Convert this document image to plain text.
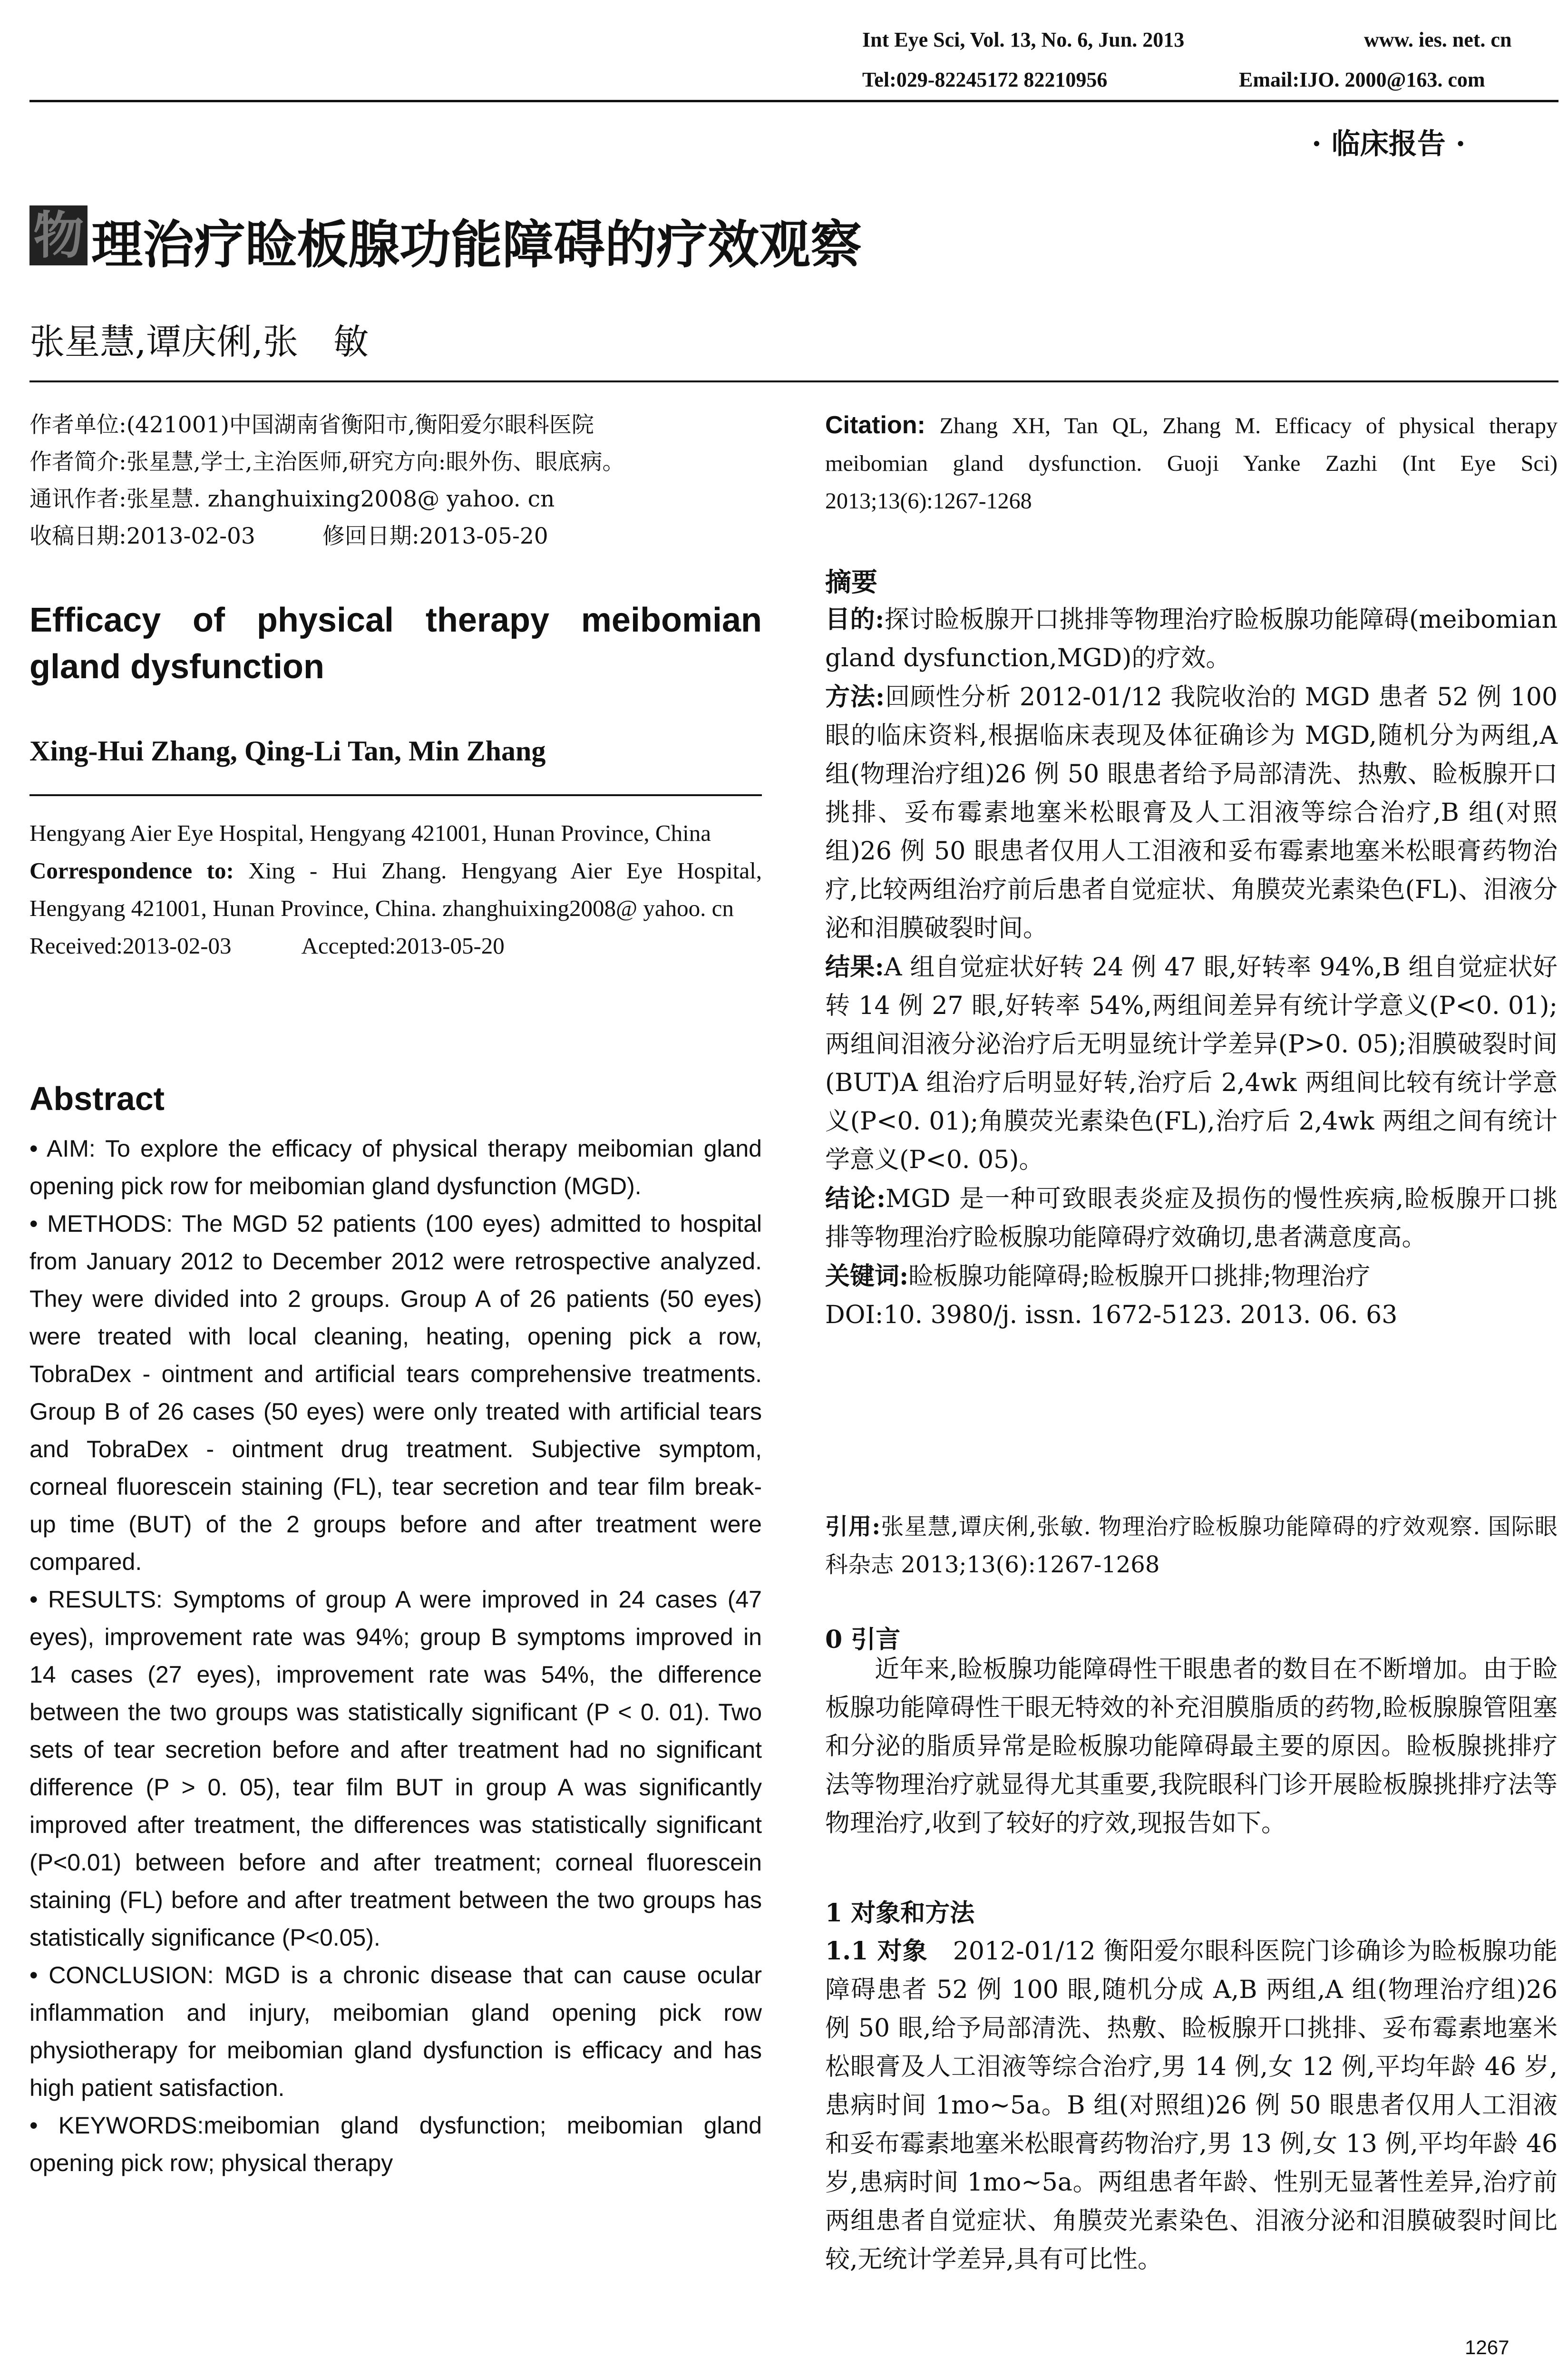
Int Eye Sci, Vol. 13, No. 6, Jun. 2013	www. ies. net. cn
Tel:029-82245172 82210956	Email:IJO. 2000@163. com
· 临床报告 ·
物 理治疗睑板腺功能障碍的疗效观察
张星慧,谭庆俐,张　敏

作者单位:(421001)中国湖南省衡阳市,衡阳爱尔眼科医院

作者简介:张星慧,学士,主治医师,研究方向:眼外伤、眼底病。

通讯作者:张星慧. zhanghuixing2008@ yahoo. cn

收稿日期:2013-02-03　　　修回日期:2013-05-20

Efficacy of physical therapy meibomian gland dysfunction
Xing-Hui Zhang, Qing-Li Tan, Min Zhang

Hengyang Aier Eye Hospital, Hengyang 421001, Hunan Province, China

Correspondence to: Xing - Hui Zhang. Hengyang Aier Eye Hospital, Hengyang 421001, Hunan Province, China. zhanghuixing2008@ yahoo. cn

Received:2013-02-03　　　Accepted:2013-05-20

Abstract

• AIM: To explore the efficacy of physical therapy meibomian gland opening pick row for meibomian gland dysfunction (MGD).

• METHODS: The MGD 52 patients (100 eyes) admitted to hospital from January 2012 to December 2012 were retrospective analyzed. They were divided into 2 groups. Group A of 26 patients (50 eyes) were treated with local cleaning, heating, opening pick a row, TobraDex - ointment and artificial tears comprehensive treatments. Group B of 26 cases (50 eyes) were only treated with artificial tears and TobraDex - ointment drug treatment. Subjective symptom, corneal fluorescein staining (FL), tear secretion and tear film break-up time (BUT) of the 2 groups before and after treatment were compared.

• RESULTS: Symptoms of group A were improved in 24 cases (47 eyes), improvement rate was 94%; group B symptoms improved in 14 cases (27 eyes), improvement rate was 54%, the difference between the two groups was statistically significant (P < 0. 01). Two sets of tear secretion before and after treatment had no significant difference (P > 0. 05), tear film BUT in group A was significantly improved after treatment, the differences was statistically significant (P<0.01) between before and after treatment; corneal fluorescein staining (FL) before and after treatment between the two groups has statistically significance (P<0.05).

• CONCLUSION: MGD is a chronic disease that can cause ocular inflammation and injury, meibomian gland opening pick row physiotherapy for meibomian gland dysfunction is efficacy and has high patient satisfaction.

• KEYWORDS:meibomian gland dysfunction; meibomian gland opening pick row; physical therapy

Citation: Zhang XH, Tan QL, Zhang M. Efficacy of physical therapy meibomian gland dysfunction. Guoji Yanke Zazhi (Int Eye Sci) 2013;13(6):1267-1268
摘要

目的:探讨睑板腺开口挑排等物理治疗睑板腺功能障碍(meibomian gland dysfunction,MGD)的疗效。

方法:回顾性分析 2012-01/12 我院收治的 MGD 患者 52 例 100 眼的临床资料,根据临床表现及体征确诊为 MGD,随机分为两组,A 组(物理治疗组)26 例 50 眼患者给予局部清洗、热敷、睑板腺开口挑排、妥布霉素地塞米松眼膏及人工泪液等综合治疗,B 组(对照组)26 例 50 眼患者仅用人工泪液和妥布霉素地塞米松眼膏药物治疗,比较两组治疗前后患者自觉症状、角膜荧光素染色(FL)、泪液分泌和泪膜破裂时间。

结果:A 组自觉症状好转 24 例 47 眼,好转率 94%,B 组自觉症状好转 14 例 27 眼,好转率 54%,两组间差异有统计学意义(P<0. 01);两组间泪液分泌治疗后无明显统计学差异(P>0. 05);泪膜破裂时间(BUT)A 组治疗后明显好转,治疗后 2,4wk 两组间比较有统计学意义(P<0. 01);角膜荧光素染色(FL),治疗后 2,4wk 两组之间有统计学意义(P<0. 05)。

结论:MGD 是一种可致眼表炎症及损伤的慢性疾病,睑板腺开口挑排等物理治疗睑板腺功能障碍疗效确切,患者满意度高。

关键词:睑板腺功能障碍;睑板腺开口挑排;物理治疗

DOI:10. 3980/j. issn. 1672-5123. 2013. 06. 63

引用:张星慧,谭庆俐,张敏. 物理治疗睑板腺功能障碍的疗效观察. 国际眼科杂志 2013;13(6):1267-1268
0 引言
近年来,睑板腺功能障碍性干眼患者的数目在不断增加。由于睑板腺功能障碍性干眼无特效的补充泪膜脂质的药物,睑板腺腺管阻塞和分泌的脂质异常是睑板腺功能障碍最主要的原因。睑板腺挑排疗法等物理治疗就显得尤其重要,我院眼科门诊开展睑板腺挑排疗法等物理治疗,收到了较好的疗效,现报告如下。
1 对象和方法
1.1 对象　2012-01/12 衡阳爱尔眼科医院门诊确诊为睑板腺功能障碍患者 52 例 100 眼,随机分成 A,B 两组,A 组(物理治疗组)26 例 50 眼,给予局部清洗、热敷、睑板腺开口挑排、妥布霉素地塞米松眼膏及人工泪液等综合治疗,男 14 例,女 12 例,平均年龄 46 岁,患病时间 1mo~5a。B 组(对照组)26 例 50 眼患者仅用人工泪液和妥布霉素地塞米松眼膏药物治疗,男 13 例,女 13 例,平均年龄 46 岁,患病时间 1mo~5a。两组患者年龄、性别无显著性差异,治疗前两组患者自觉症状、角膜荧光素染色、泪液分泌和泪膜破裂时间比较,无统计学差异,具有可比性。
1267
